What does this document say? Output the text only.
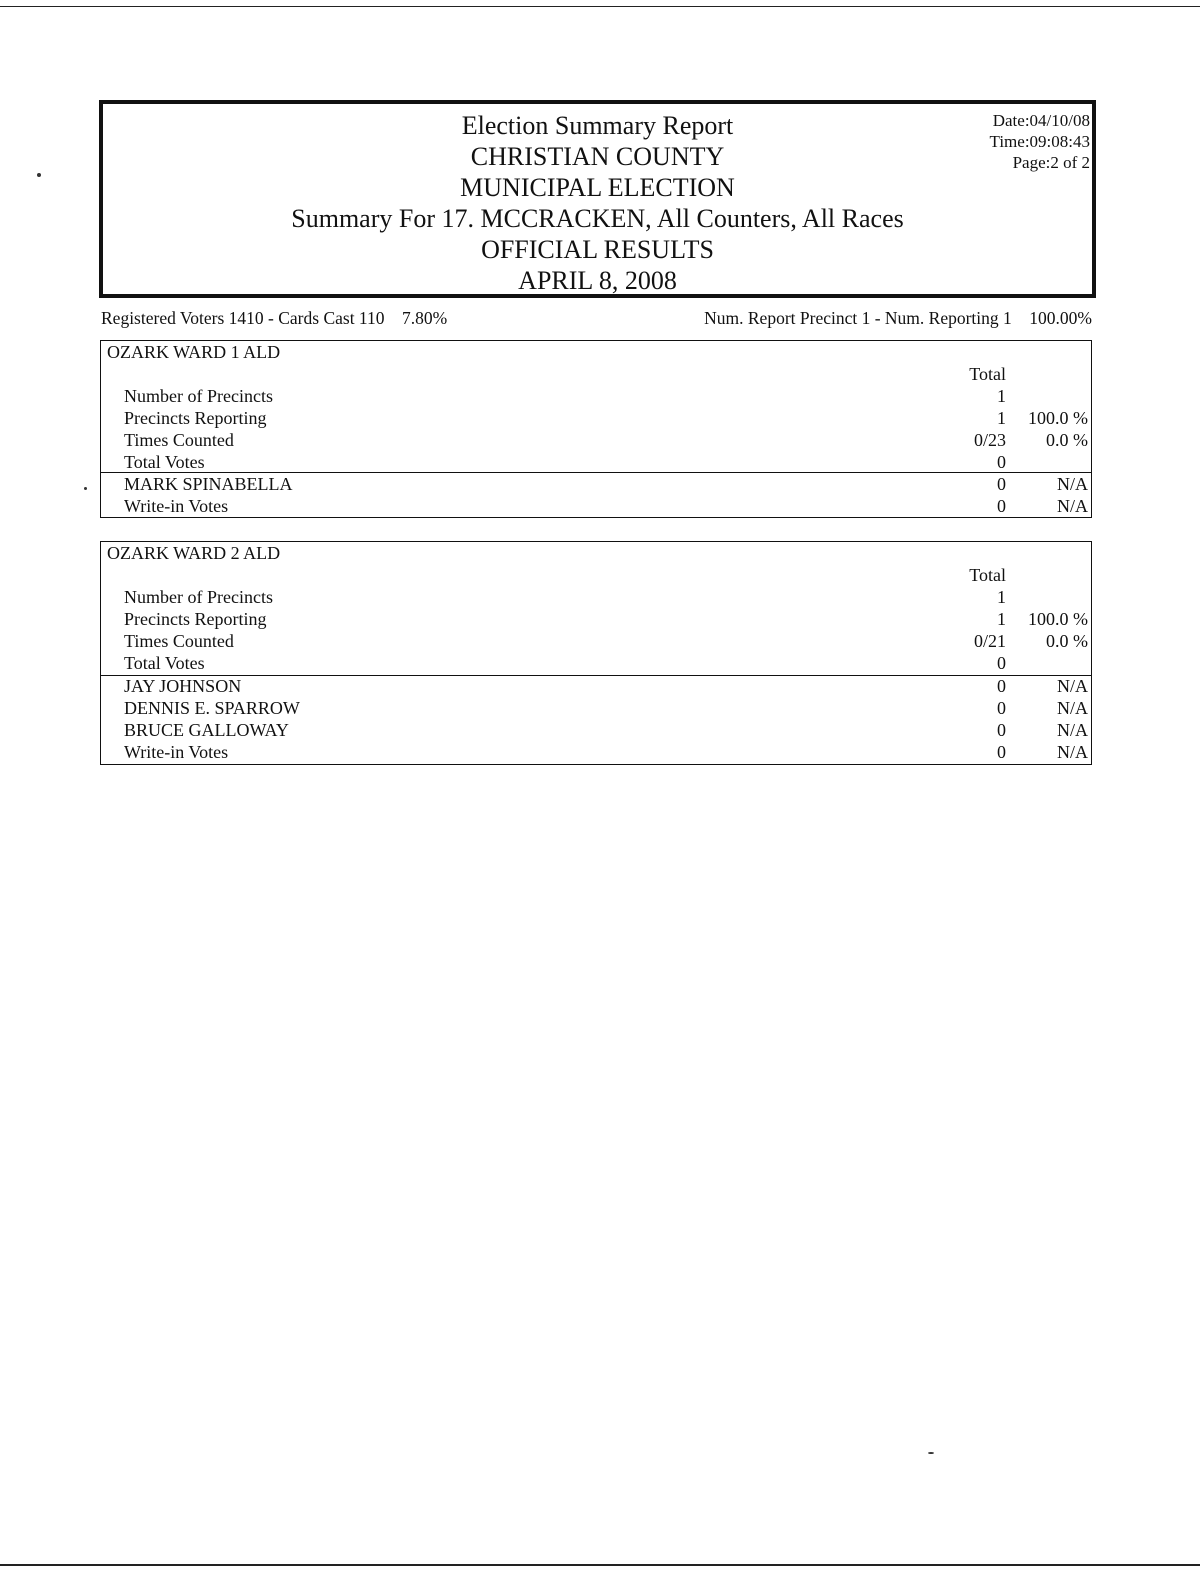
Election Summary Report
CHRISTIAN COUNTY
MUNICIPAL ELECTION
Summary For 17. MCCRACKEN, All Counters, All Races
OFFICIAL RESULTS
APRIL 8, 2008
Date:04/10/08
Time:09:08:43
Page:2 of 2
Registered Voters 1410 - Cards Cast 110    7.80%	Num. Report Precinct 1 - Num. Reporting 1    100.00%
OZARK WARD 1 ALD
Total
Number of Precincts	1
Precincts Reporting	1 100.0 %
Times Counted	0/23 0.0 %
Total Votes	0
MARK SPINABELLA	0	N/A
Write-in Votes	0	N/A
OZARK WARD 2 ALD
Total
Number of Precincts	1
Precincts Reporting	1 100.0 %
Times Counted	0/21 0.0 %
Total Votes	0
JAY JOHNSON	0	N/A
DENNIS E. SPARROW	0	N/A
BRUCE GALLOWAY	0	N/A
Write-in Votes	0	N/A
